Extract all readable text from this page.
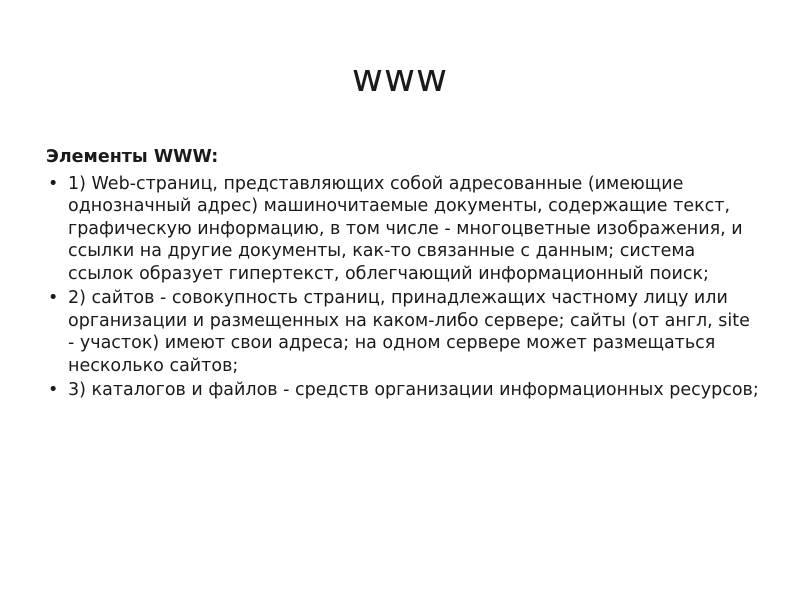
www

Элементы WWW:

• 1) Web-страниц, представляющих собой адресованные (имеющие однозначный адрес) машиночитаемые документы, содержащие текст, графическую информацию, в том числе - многоцветные изображения, и ссылки на другие документы, как-то связанные с данным; система ссылок образует гипертекст, облегчающий информационный поиск;
• 2) сайтов - совокупность страниц, принадлежащих частному лицу или организации и размещенных на каком-либо сервере; сайты (от англ, site - участок) имеют свои адреса; на одном сервере может размещаться несколько сайтов;
• 3) каталогов и файлов - средств организации информационных ресурсов;
